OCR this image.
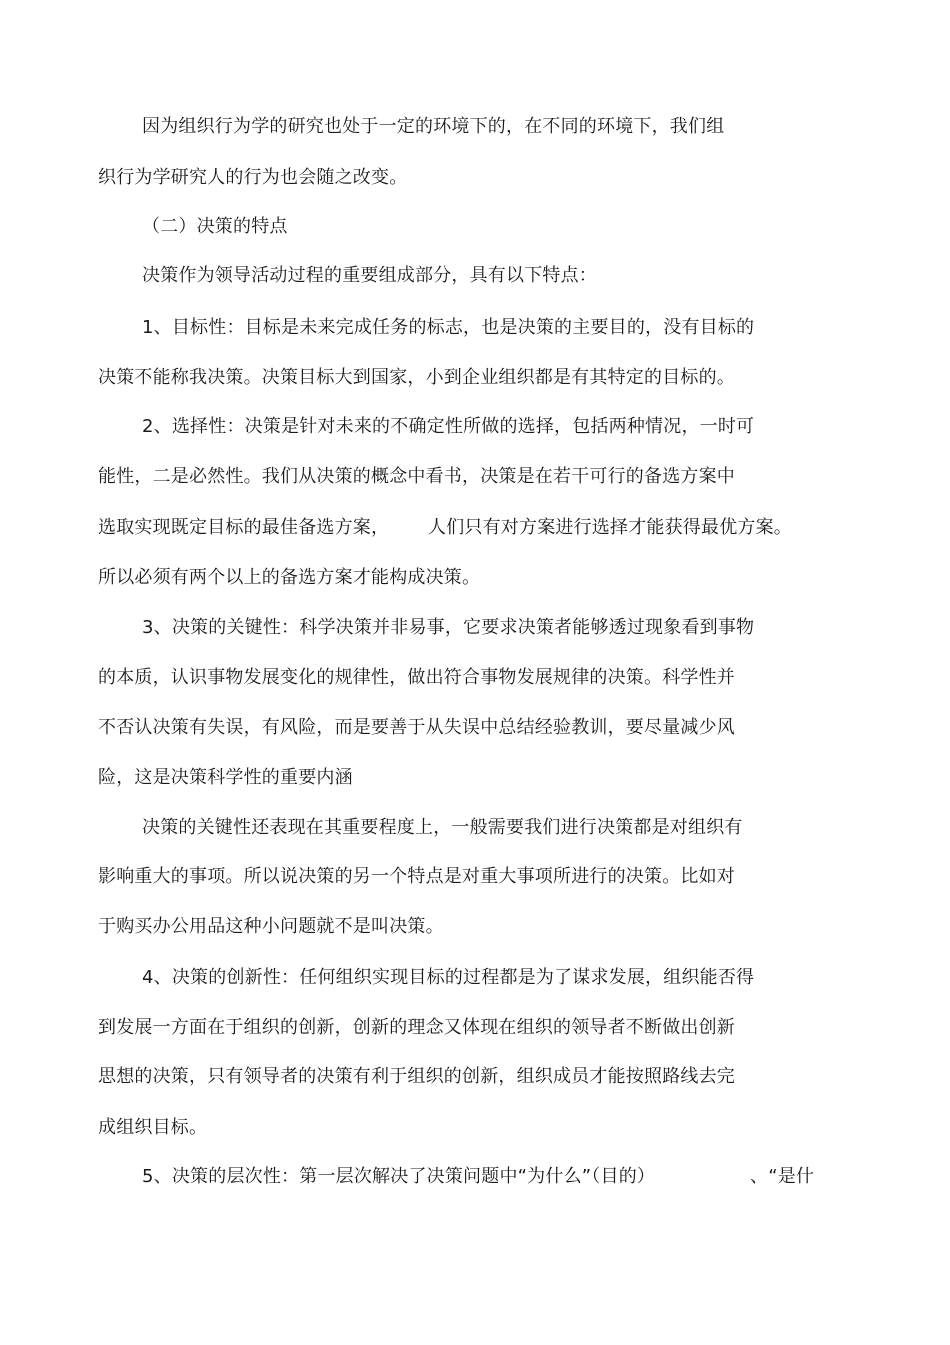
因为组织行为学的研究也处于一定的环境下的，在不同的环境下，我们组
织行为学研究人的行为也会随之改变。
（二）决策的特点
决策作为领导活动过程的重要组成部分，具有以下特点：
1、目标性：目标是未来完成任务的标志，也是决策的主要目的，没有目标的
决策不能称我决策。决策目标大到国家，小到企业组织都是有其特定的目标的。
2、选择性：决策是针对未来的不确定性所做的选择，包括两种情况，一时可
能性，二是必然性。我们从决策的概念中看书，决策是在若干可行的备选方案中
选取实现既定目标的最佳备选方案， 人们只有对方案进行选择才能获得最优方案。
所以必须有两个以上的备选方案才能构成决策。
3、决策的关键性：科学决策并非易事，它要求决策者能够透过现象看到事物
的本质，认识事物发展变化的规律性，做出符合事物发展规律的决策。科学性并
不否认决策有失误，有风险，而是要善于从失误中总结经验教训，要尽量减少风
险，这是决策科学性的重要内涵
决策的关键性还表现在其重要程度上，一般需要我们进行决策都是对组织有
影响重大的事项。所以说决策的另一个特点是对重大事项所进行的决策。比如对
于购买办公用品这种小问题就不是叫决策。
4、决策的创新性：任何组织实现目标的过程都是为了谋求发展，组织能否得
到发展一方面在于组织的创新，创新的理念又体现在组织的领导者不断做出创新
思想的决策，只有领导者的决策有利于组织的创新，组织成员才能按照路线去完
成组织目标。
5、决策的层次性：第一层次解决了决策问题中“为什么”（目的）	、“是什
